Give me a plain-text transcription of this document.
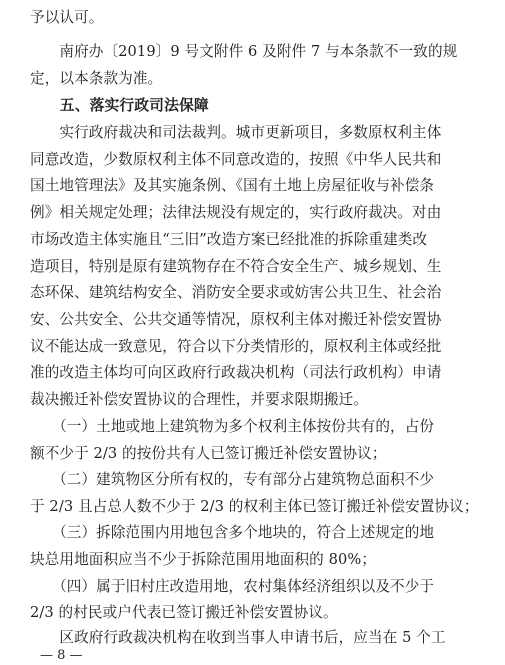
予以认可。
　　南府办〔2019〕9 号文附件 6 及附件 7 与本条款不一致的规
定，以本条款为准。
　　五、落实行政司法保障
　　实行政府裁决和司法裁判。城市更新项目，多数原权利主体
同意改造，少数原权利主体不同意改造的，按照《中华人民共和
国土地管理法》及其实施条例、《国有土地上房屋征收与补偿条
例》相关规定处理；法律法规没有规定的，实行政府裁决。对由
市场改造主体实施且“三旧”改造方案已经批准的拆除重建类改
造项目，特别是原有建筑物存在不符合安全生产、城乡规划、生
态环保、建筑结构安全、消防安全要求或妨害公共卫生、社会治
安、公共安全、公共交通等情况，原权利主体对搬迁补偿安置协
议不能达成一致意见，符合以下分类情形的，原权利主体或经批
准的改造主体均可向区政府行政裁决机构（司法行政机构）申请
裁决搬迁补偿安置协议的合理性，并要求限期搬迁。
　　（一）土地或地上建筑物为多个权利主体按份共有的，占份
额不少于 2/3 的按份共有人已签订搬迁补偿安置协议；
　　（二）建筑物区分所有权的，专有部分占建筑物总面积不少
于 2/3 且占总人数不少于 2/3 的权利主体已签订搬迁补偿安置协议；
　　（三）拆除范围内用地包含多个地块的，符合上述规定的地
块总用地面积应当不少于拆除范围用地面积的 80%；
　　（四）属于旧村庄改造用地，农村集体经济组织以及不少于
2/3 的村民或户代表已签订搬迁补偿安置协议。
　　区政府行政裁决机构在收到当事人申请书后，应当在 5 个工
— 8 —
